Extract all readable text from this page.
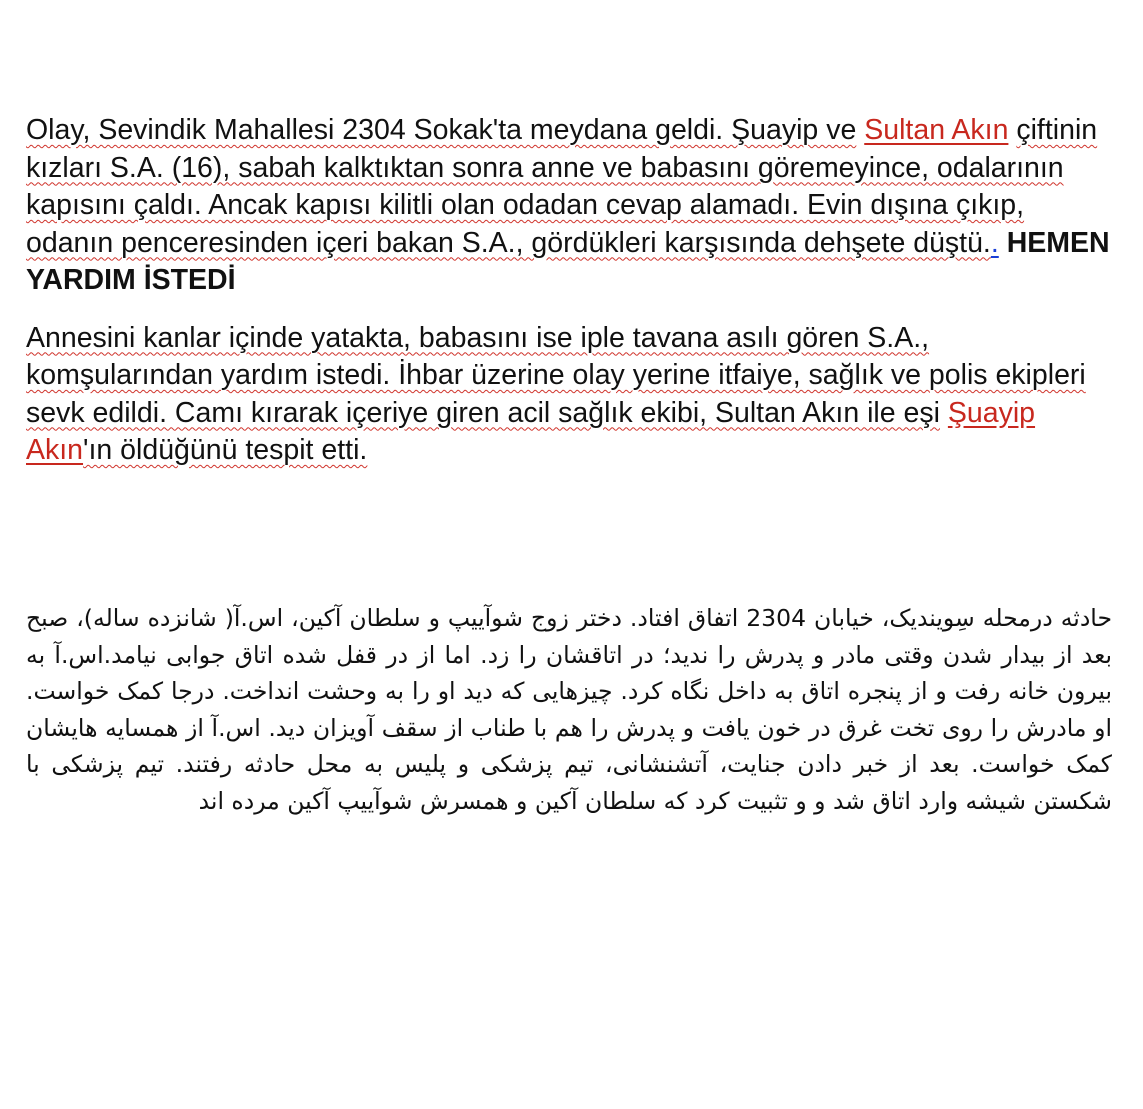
Olay, Sevindik Mahallesi 2304 Sokak'ta meydana geldi. Şuayip ve Sultan Akın çiftinin kızları S.A. (16), sabah kalktıktan sonra anne ve babasını göremeyince, odalarının kapısını çaldı. Ancak kapısı kilitli olan odadan cevap alamadı. Evin dışına çıkıp, odanın penceresinden içeri bakan S.A., gördükleri karşısında dehşete düştü.. HEMEN YARDIM İSTEDİ

Annesini kanlar içinde yatakta, babasını ise iple tavana asılı gören S.A., komşularından yardım istedi. İhbar üzerine olay yerine itfaiye, sağlık ve polis ekipleri sevk edildi. Camı kırarak içeriye giren acil sağlık ekibi, Sultan Akın ile eşi Şuayip Akın'ın öldüğünü tespit etti.

حادثه درمحله سِویندیک، خیابان 2304 اتفاق افتاد. دختر زوج شوآییپ و سلطان آکین، اس.آ( شانزده ساله)، صبح بعد از بیدار شدن وقتی مادر و پدرش را ندید؛ در اتاقشان را زد. اما از در قفل شده اتاق جوابی نیامد.اس.آ به بیرون خانه رفت و از پنجره اتاق به داخل نگاه کرد. چیزهایی که دید او را به وحشت انداخت. درجا کمک خواست. او مادرش را روی تخت غرق در خون یافت و پدرش را هم با طناب از سقف آویزان دید. اس.آ از همسایه هایشان کمک خواست. بعد از خبر دادن جنایت، آتشنشانی، تیم پزشکی و پلیس به محل حادثه رفتند. تیم پزشکی با شکستن شیشه وارد اتاق شد و و تثبیت کرد که سلطان آکین و همسرش شوآییپ آکین مرده اند
